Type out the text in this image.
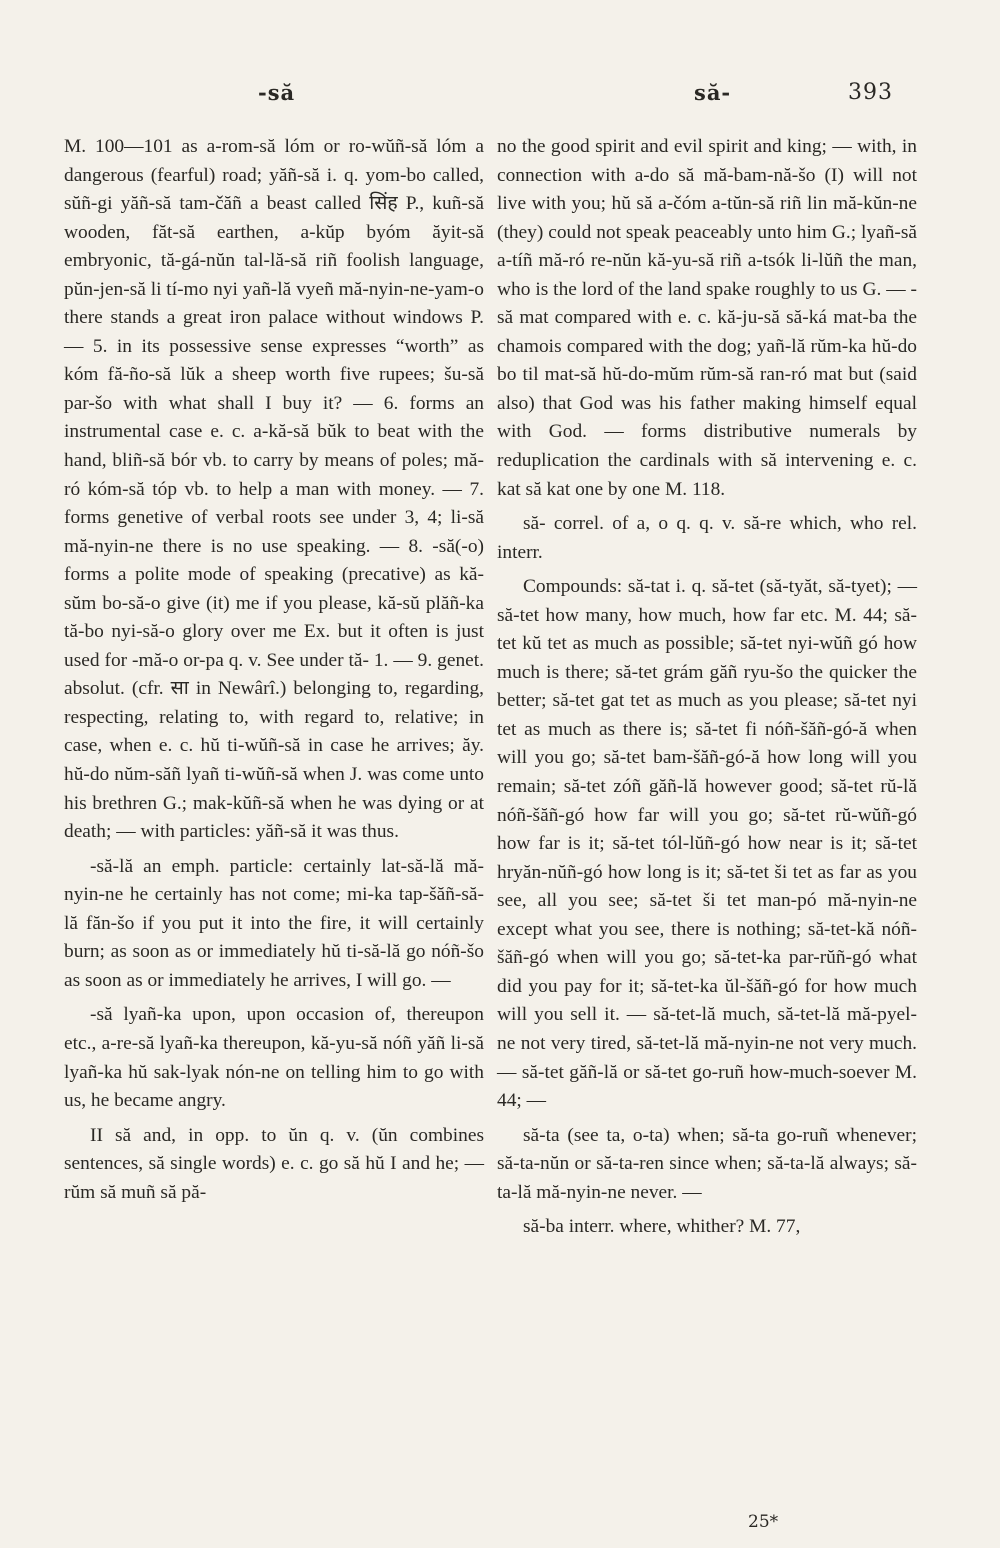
-să	să-	393

M. 100—101 as a-rom-să lóm or ro-wŭñ-să lóm a dangerous (fearful) road; yăñ-să i. q. yom-bo called, sŭñ-gi yăñ-să tam-čăñ a beast called सिंह P., kuñ-să wooden, făt-să earthen, a-kŭp byóm ăyit-să embryonic, tă-gá-nŭn tal-lă-să riñ foolish language, pŭn-jen-să li tí-mo nyi yañ-lă vyeñ mă-nyin-ne-yam-o there stands a great iron palace without windows P. — 5. in its possessive sense expresses “worth” as kóm fă-ño-să lŭk a sheep worth five rupees; šu-să par-šo with what shall I buy it? — 6. forms an instrumental case e. c. a-kă-să bŭk to beat with the hand, bliñ-să bór vb. to carry by means of poles; mă-ró kóm-să tóp vb. to help a man with money. — 7. forms genetive of verbal roots see under 3, 4; li-să mă-nyin-ne there is no use speaking. — 8. -să(-o) forms a polite mode of speaking (precative) as kă-sŭm bo-să-o give (it) me if you please, kă-sŭ plăñ-ka tă-bo nyi-să-o glory over me Ex. but it often is just used for -mă-o or-pa q. v. See under tă- 1. — 9. genet. absolut. (cfr. सा in Newârî.) belonging to, regarding, respecting, relating to, with regard to, relative; in case, when e. c. hŭ ti-wŭñ-să in case he arrives; ăy. hŭ-do nŭm-săñ lyañ ti-wŭñ-să when J. was come unto his brethren G.; mak-kŭñ-să when he was dying or at death; — with particles: yăñ-să it was thus.

-să-lă an emph. particle: certainly lat-să-lă mă-nyin-ne he certainly has not come; mi-ka tap-šăñ-să-lă făn-šo if you put it into the fire, it will certainly burn; as soon as or immediately hŭ ti-să-lă go nóñ-šo as soon as or immediately he arrives, I will go. —

-să lyañ-ka upon, upon occasion of, thereupon etc., a-re-să lyañ-ka thereupon, kă-yu-să nóñ yăñ li-să lyañ-ka hŭ sak-lyak nón-ne on telling him to go with us, he became angry.

II să and, in opp. to ŭn q. v. (ŭn combines sentences, să single words) e. c. go să hŭ I and he; — rŭm să muñ să pă-

no the good spirit and evil spirit and king; — with, in connection with a-do să mă-bam-nă-šo (I) will not live with you; hŭ să a-čóm a-tŭn-să riñ lin mă-kŭn-ne (they) could not speak peaceably unto him G.; lyañ-să a-tíñ mă-ró re-nŭn kă-yu-să riñ a-tsók li-lŭñ the man, who is the lord of the land spake roughly to us G. — -să mat compared with e. c. kă-ju-să să-ká mat-ba the chamois compared with the dog; yañ-lă rŭm-ka hŭ-do bo til mat-să hŭ-do-mŭm rŭm-să ran-ró mat but (said also) that God was his father making himself equal with God. — forms distributive numerals by reduplication the cardinals with să intervening e. c. kat să kat one by one M. 118.

să- correl. of a, o q. q. v. să-re which, who rel. interr.

Compounds: să-tat i. q. să-tet (să-tyăt, să-tyet); — să-tet how many, how much, how far etc. M. 44; să-tet kŭ tet as much as possible; să-tet nyi-wŭñ gó how much is there; să-tet grám găñ ryu-šo the quicker the better; să-tet gat tet as much as you please; să-tet nyi tet as much as there is; să-tet fi nóñ-šăñ-gó-ă when will you go; să-tet bam-šăñ-gó-ă how long will you remain; să-tet zóñ găñ-lă however good; să-tet rŭ-lă nóñ-šăñ-gó how far will you go; să-tet rŭ-wŭñ-gó how far is it; să-tet tól-lŭñ-gó how near is it; să-tet hryăn-nŭñ-gó how long is it; să-tet ši tet as far as you see, all you see; să-tet ši tet man-pó mă-nyin-ne except what you see, there is nothing; să-tet-kă nóñ-šăñ-gó when will you go; să-tet-ka par-rŭñ-gó what did you pay for it; să-tet-ka ŭl-šăñ-gó for how much will you sell it. — să-tet-lă much, să-tet-lă mă-pyel-ne not very tired, să-tet-lă mă-nyin-ne not very much. — să-tet găñ-lă or să-tet go-ruñ how-much-soever M. 44; —

să-ta (see ta, o-ta) when; să-ta go-ruñ whenever; să-ta-nŭn or să-ta-ren since when; să-ta-lă always; să-ta-lă mă-nyin-ne never. —

să-ba interr. where, whither? M. 77,

25*
